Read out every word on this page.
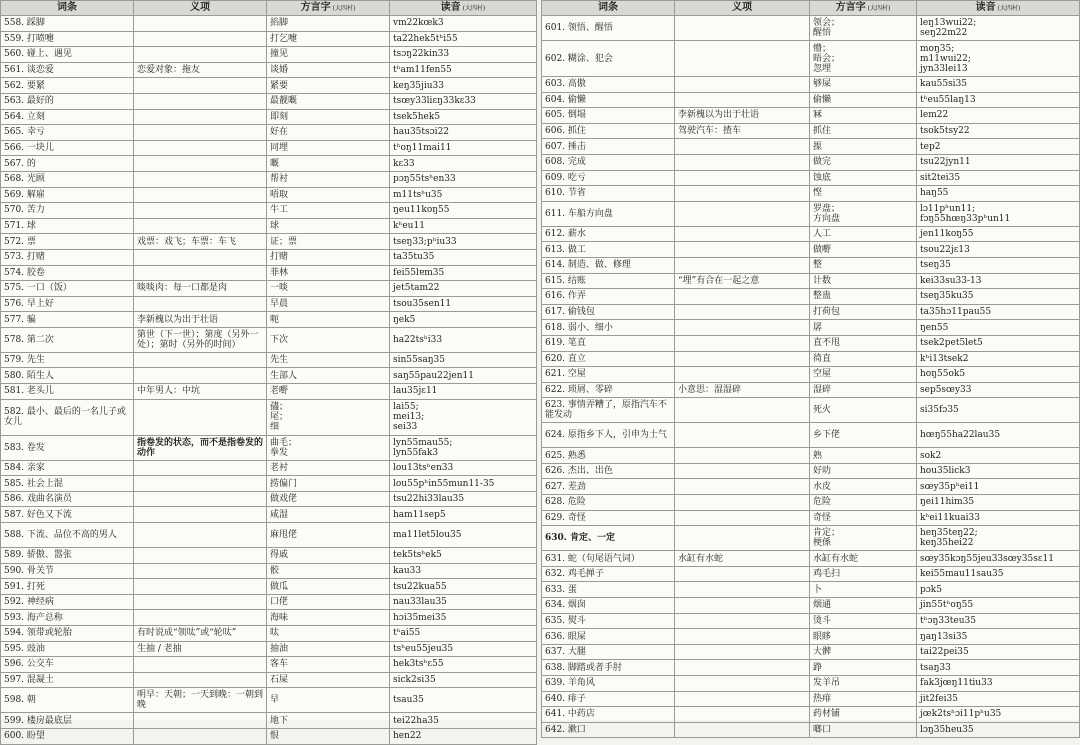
词条	义项	方言字 (大四村)	读音 (大四村)
558. 踩脚		掐脚	vm22kœk3
559. 打喷嚏		打乞嚏	ta22hek5tʰi55
560. 碰上、遇见		撞见	tsɔŋ22kin33
561. 谈恋爱	恋爱对象：拖友	谈婚	tʰam11fen55
562. 要紧		紧要	keŋ35jiu33
563. 最好的		最靓嘅	tsœy33liɛŋ33kɛ33
564. 立刻		即刻	tsek5hek5
565. 幸亏		好在	hau35tsɔi22
566. 一块儿		同埋	tʰoŋ11mai11
567. 的		嘅	kɛ33
568. 光顾		帮衬	pɔŋ55tsʰen33
569. 解雇		唔取	m11tsʰu35
570. 苦力		牛工	ŋeu11koŋ55
571. 球		球	kʰeu11
572. 票	戏票：戏飞；车票：车飞	证；票	tseŋ33;pʰiu33
573. 打赌		打赌	ta35tu35
574. 胶卷		菲林	fei55lɐm35
575. 一口（饭）	啖啖肉：每一口都是肉	一啖	jet5tam22
576. 早上好		早晨	tsou35sen11
577. 骗	李新槐以为出于壮语	呃	ŋek5
578. 第二次	第世（下一世）；第度（另外一处）；第时（另外的时间）	下次	ha22tsʰi33
579. 先生		先生	sin55saŋ35
580. 陌生人		生部人	saŋ55pau22jen11
581. 老头儿	中年男人：中坑	老嘢	lau35jɛ11
582. 最小、最后的一名儿子或女儿		孻；
尾；
细	lai55;
mei13;
sei33
583. 卷发	指卷发的状态，而不是指卷发的动作	曲毛；
拳发	lyn55mau55;
lyn55fak3
584. 亲家		老衬	lou13tsʰen33
585. 社会上混		捞偏门	lou55pʰin55mun11-35
586. 戏曲名演员		做戏佬	tsu22hi33lau35
587. 好色又下流		咸湿	ham11sep5
588. 下流、品位不高的男人		麻甩佬	ma11let5lou35
589. 骄傲、嚣张		得戚	tek5tsʰek5
590. 骨关节		骹	kau33
591. 打死		做瓜	tsu22kua55
592. 神经病		口佬	nau33lau35
593. 海产总称		海味	hɔi35mei35
594. 领带或轮胎	有时说成“领呔”或“轮呔”	呔	tʰai55
595. 豉油	生抽 / 老抽	抽油	tsʰeu55jeu35
596. 公交车		客车	hek3tsʰɛ55
597. 混凝土		石屎	sick2si35
598. 朝	明早：天朝；一天到晚：一朝到晚	早	tsau35
599. 楼房最底层		地下	tei22ha35
600. 盼望		恨	hen22
词条	义项	方言字 (大四村)	读音 (大四村)
601. 领悟、醒悟		领会；
醒悟	leŋ13wui22;
seŋ22m22
602. 糊涂、犯会		懵；
晤会；
忽埋	moŋ35;
m11wui22;
jyn33lei13
603. 高傲		够屎	kau55si35
604. 偷懒		偷懒	tʰeu55laŋ13
605. 倒塌	李新槐以为出于壮语	冧	lem22
606. 抓住	驾驶汽车：揸车	抓住	tsok5tsy22
607. 捶击		揼	tep2
608. 完成		做完	tsu22jyn11
609. 吃亏		蚀底	sit2tei35
610. 节省		悭	haŋ55
611. 车船方向盘		罗盘；
方向盘	lɔ11pʰun11;
fɔŋ55hœŋ33pʰun11
612. 薪水		人工	jen11koŋ55
613. 做工		做嘢	tsou22jɛ13
614. 制造、做、修理		整	tseŋ35
615. 结账	“埋”有合在一起之意	计数	kei33su33-13
616. 作弄		整蛊	tseŋ35ku35
617. 偷钱包		打荷包	ta35hɔ11pau55
618. 弱小、细小		孱	ŋen55
619. 笔直		直不甩	tsek2pet5let5
620. 直立		徛直	kʰi13tsek2
621. 空屋		空屋	hoŋ55ok5
622. 琐屑、零碎	小意思：湿湿碎	湿碎	sep5sœy33
623. 事情弄糟了，原指汽车不能发动		死火	si35fɔ35
624. 原指乡下人，引申为土气		乡下佬	hœŋ55ha22lau35
625. 熟悉		熟	sok2
626. 杰出、出色		好叻	hou35lick3
627. 差劲		水皮	sœy35pʰei11
628. 危险		危险	ŋei11him35
629. 奇怪		奇怪	kʰei11kuai33
630. 肯定、一定		肯定；
梗係	heŋ35teŋ22;
keŋ35hei22
631. 蛇（句尾语气词）	水缸有水蛇	水缸有水蛇	sœy35kɔŋ55jeu33sœy35sɛ11
632. 鸡毛掸子		鸡毛扫	kei55mau11sau35
633. 蛋		卜	pɔk5
634. 烟囱		烟通	jin55tʰoŋ55
635. 熨斗		烫斗	tʰɔŋ33teu35
636. 眼屎		眼眵	ŋaŋ13si35
637. 大腿		大髀	tai22pei35
638. 脚踏或者手肘		踭	tsaŋ33
639. 羊角风		发羊吊	fak3jœŋ11tiu33
640. 痱子		热痱	jit2fei35
641. 中药店		药材铺	jœk2tsʰɔi11pʰu35
642. 漱口		啷口	lɔŋ35heu35
